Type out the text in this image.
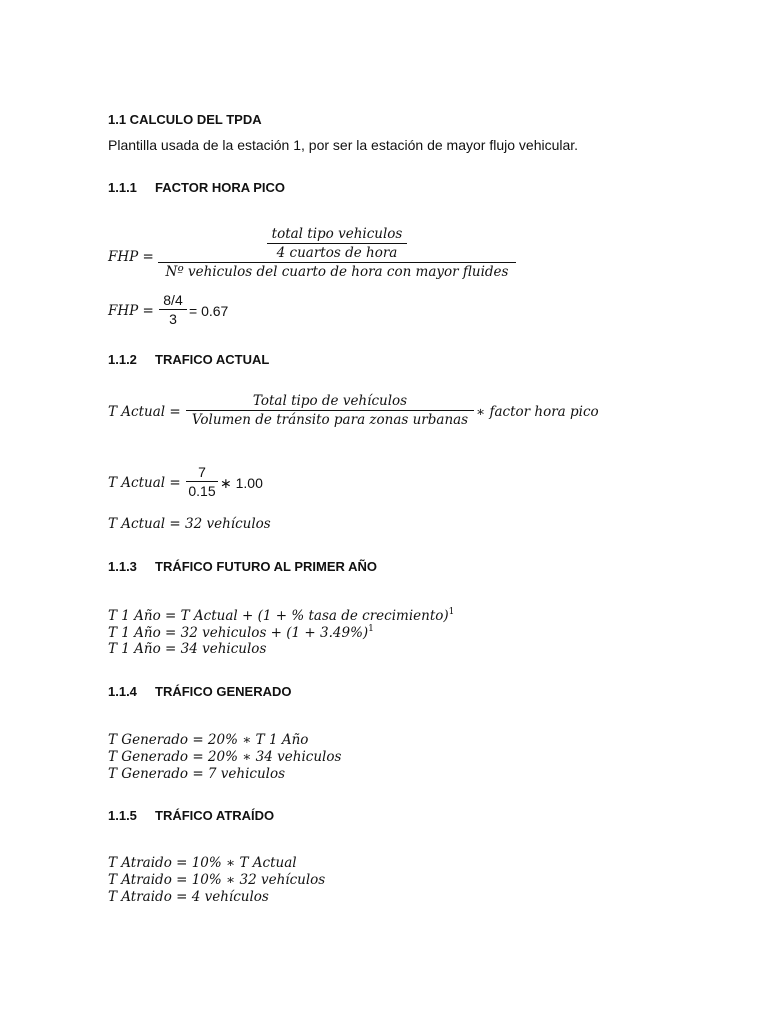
1.1 CALCULO DEL TPDA
Plantilla usada de la estación 1, por ser la estación de mayor flujo vehicular.
1.1.1 FACTOR HORA PICO
FHP =
total tipo vehiculos
4 cuartos de hora
Nº vehiculos del cuarto de hora con mayor fluides
FHP =
8/4
3 = 0.67
1.1.2 TRAFICO ACTUAL
T Actual =
Total tipo de vehículos
Volumen de tránsito para zonas urbanas ∗ factor hora pico
T Actual =
7
0.15 ∗ 1.00
T Actual = 32 vehículos
1.1.3 TRÁFICO FUTURO AL PRIMER AÑO
T 1 Año = T Actual + (1 + % tasa de crecimiento)$^1$
T 1 Año = 32 vehiculos + $(1 + 3.49\%)^1$
T 1 Año = 34 vehiculos
1.1.4 TRÁFICO GENERADO
T Generado = 20% ∗ T 1 Año
T Generado = 20% ∗ 34 vehiculos
T Generado = 7 vehiculos
1.1.5 TRÁFICO ATRAÍDO
T Atraido = 10% ∗ T Actual
T Atraido = 10% ∗ 32 vehículos
T Atraido = 4 vehículos
